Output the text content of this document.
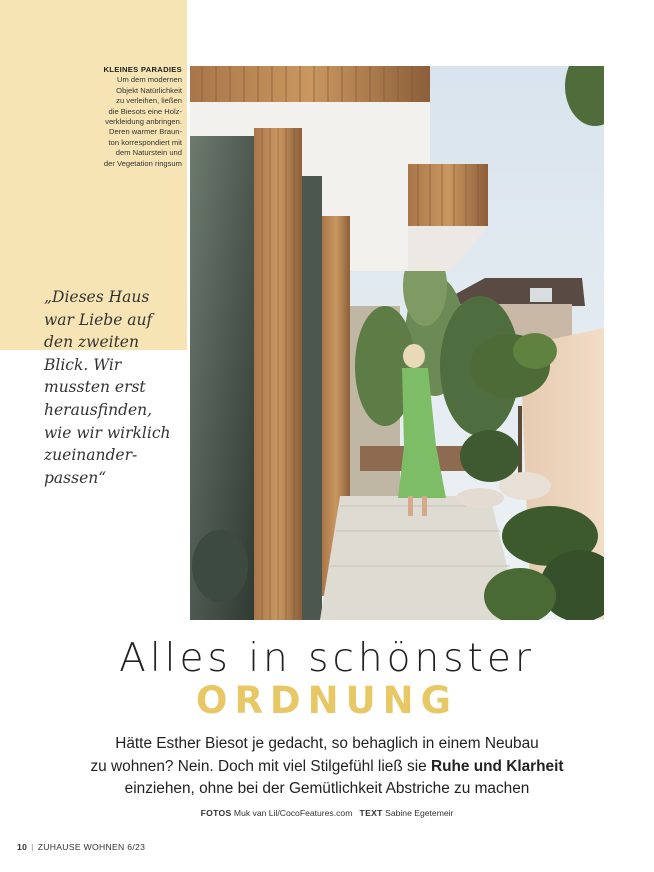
KLEINES PARADIES
Um dem modernen
Objekt Natürlichkeit
zu verleihen, ließen
die Biesots eine Holz-
verkleidung anbringen.
Deren warmer Braun-
ton korrespondiert mit
dem Naturstein und
der Vegetation ringsum
„Dieses Haus
war Liebe auf
den zweiten
Blick. Wir
mussten erst
herausfinden,
wie wir wirklich
zueinander-
passen“
Alles in schönster
ORDNUNG
Hätte Esther Biesot je gedacht, so behaglich in einem Neubau
zu wohnen? Nein. Doch mit viel Stilgefühl ließ sie Ruhe und Klarheit
einziehen, ohne bei der Gemütlichkeit Abstriche zu machen
FOTOS Muk van Lil/CocoFeatures.com TEXT Sabine Egetemeir
10 | ZUHAUSE WOHNEN 6/23
